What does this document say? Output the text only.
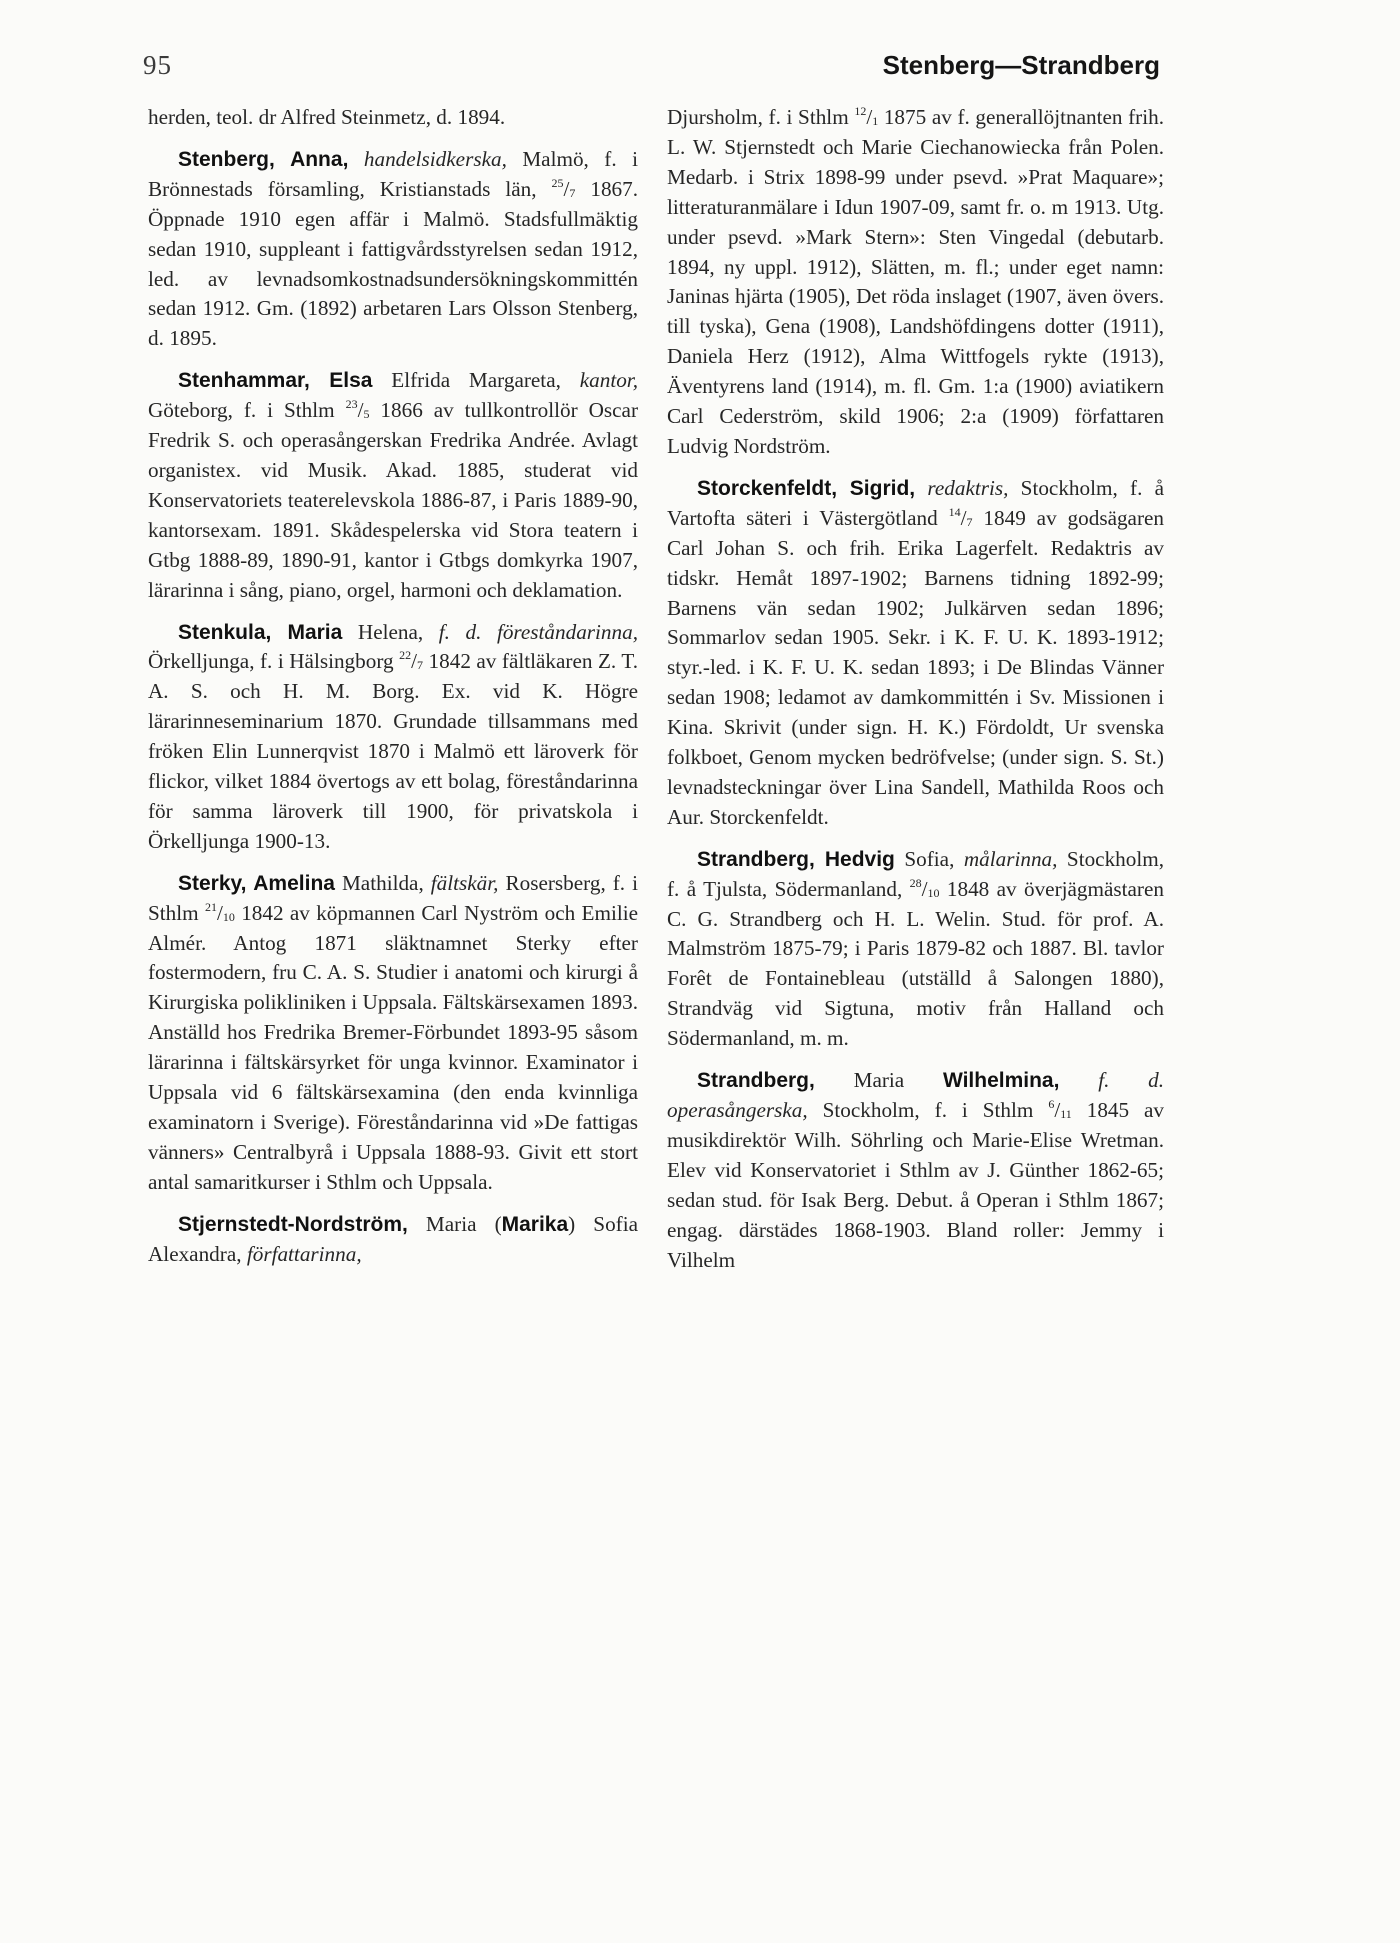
95	Stenberg—Strandberg

herden, teol. dr Alfred Steinmetz, d. 1894.

Stenberg, Anna, handelsidkerska, Malmö, f. i Brönnestads församling, Kristianstads län, $^{25}/_7$ 1867. Öppnade 1910 egen affär i Malmö. Stadsfullmäktig sedan 1910, suppleant i fattigvårdsstyrelsen sedan 1912, led. av levnadsomkostnadsundersökningskommittén sedan 1912. Gm. (1892) arbetaren Lars Olsson Stenberg, d. 1895.

Stenhammar, Elsa Elfrida Margareta, kantor, Göteborg, f. i Sthlm $^{23}/_5$ 1866 av tullkontrollör Oscar Fredrik S. och operasångerskan Fredrika Andrée. Avlagt organistex. vid Musik. Akad. 1885, studerat vid Konservatoriets teaterelevskola 1886-87, i Paris 1889-90, kantorsexam. 1891. Skådespelerska vid Stora teatern i Gtbg 1888-89, 1890-91, kantor i Gtbgs domkyrka 1907, lärarinna i sång, piano, orgel, harmoni och deklamation.

Stenkula, Maria Helena, f. d. föreståndarinna, Örkelljunga, f. i Hälsingborg $^{22}/_7$ 1842 av fältläkaren Z. T. A. S. och H. M. Borg. Ex. vid K. Högre lärarinneseminarium 1870. Grundade tillsammans med fröken Elin Lunnerqvist 1870 i Malmö ett läroverk för flickor, vilket 1884 övertogs av ett bolag, föreståndarinna för samma läroverk till 1900, för privatskola i Örkelljunga 1900-13.

Sterky, Amelina Mathilda, fältskär, Rosersberg, f. i Sthlm $^{21}/_{10}$ 1842 av köpmannen Carl Nyström och Emilie Almér. Antog 1871 släktnamnet Sterky efter fostermodern, fru C. A. S. Studier i anatomi och kirurgi å Kirurgiska polikliniken i Uppsala. Fältskärsexamen 1893. Anställd hos Fredrika Bremer-Förbundet 1893-95 såsom lärarinna i fältskärsyrket för unga kvinnor. Examinator i Uppsala vid 6 fältskärsexamina (den enda kvinnliga examinatorn i Sverige). Föreståndarinna vid »De fattigas vänners» Centralbyrå i Uppsala 1888-93. Givit ett stort antal samaritkurser i Sthlm och Uppsala.

Stjernstedt-Nordström, Maria (Marika) Sofia Alexandra, författarinna,

Djursholm, f. i Sthlm $^{12}/_1$ 1875 av f. generallöjtnanten frih. L. W. Stjernstedt och Marie Ciechanowiecka från Polen. Medarb. i Strix 1898-99 under psevd. »Prat Maquare»; litteraturanmälare i Idun 1907-09, samt fr. o. m 1913. Utg. under psevd. »Mark Stern»: Sten Vingedal (debutarb. 1894, ny uppl. 1912), Slätten, m. fl.; under eget namn: Janinas hjärta (1905), Det röda inslaget (1907, även övers. till tyska), Gena (1908), Landshöfdingens dotter (1911), Daniela Herz (1912), Alma Wittfogels rykte (1913), Äventyrens land (1914), m. fl. Gm. 1:a (1900) aviatikern Carl Cederström, skild 1906; 2:a (1909) författaren Ludvig Nordström.

Storckenfeldt, Sigrid, redaktris, Stockholm, f. å Vartofta säteri i Västergötland $^{14}/_7$ 1849 av godsägaren Carl Johan S. och frih. Erika Lagerfelt. Redaktris av tidskr. Hemåt 1897-1902; Barnens tidning 1892-99; Barnens vän sedan 1902; Julkärven sedan 1896; Sommarlov sedan 1905. Sekr. i K. F. U. K. 1893-1912; styr.-led. i K. F. U. K. sedan 1893; i De Blindas Vänner sedan 1908; ledamot av damkommittén i Sv. Missionen i Kina. Skrivit (under sign. H. K.) Fördoldt, Ur svenska folkboet, Genom mycken bedröfvelse; (under sign. S. St.) levnadsteckningar över Lina Sandell, Mathilda Roos och Aur. Storckenfeldt.

Strandberg, Hedvig Sofia, målarinna, Stockholm, f. å Tjulsta, Södermanland, $^{28}/_{10}$ 1848 av överjägmästaren C. G. Strandberg och H. L. Welin. Stud. för prof. A. Malmström 1875-79; i Paris 1879-82 och 1887. Bl. tavlor Forêt de Fontainebleau (utställd å Salongen 1880), Strandväg vid Sigtuna, motiv från Halland och Södermanland, m. m.

Strandberg, Maria Wilhelmina, f. d. operasångerska, Stockholm, f. i Sthlm $^6/_{11}$ 1845 av musikdirektör Wilh. Söhrling och Marie-Elise Wretman. Elev vid Konservatoriet i Sthlm av J. Günther 1862-65; sedan stud. för Isak Berg. Debut. å Operan i Sthlm 1867; engag. därstädes 1868-1903. Bland roller: Jemmy i Vilhelm
